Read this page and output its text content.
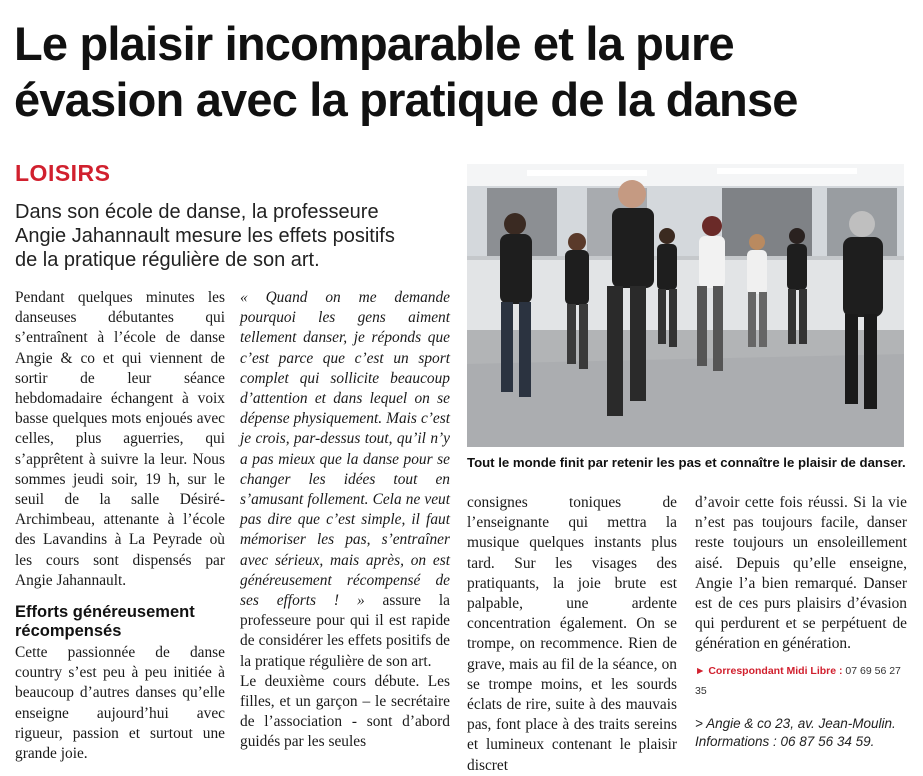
Le plaisir incomparable et la pure
évasion avec la pratique de la danse
LOISIRS
Dans son école de danse, la professeure
Angie Jahannault mesure les effets positifs
de la pratique régulière de son art.

Pendant quelques minutes les danseuses débutantes qui s’entraînent à l’école de danse Angie & co et qui viennent de sortir de leur séance hebdomadaire échangent à voix basse quelques mots enjoués avec celles, plus aguerries, qui s’apprêtent à suivre la leur. Nous sommes jeudi soir, 19 h, sur le seuil de la salle Désiré-Archimbeau, attenante à l’école des Lavandins à La Peyrade où les cours sont dispensés par Angie Jahannault.

Efforts généreusement récompensés

Cette passionnée de danse country s’est peu à peu initiée à beaucoup d’autres danses qu’elle enseigne aujourd’hui avec rigueur, passion et surtout une grande joie.

« Quand on me demande pourquoi les gens aiment tellement danser, je réponds que c’est parce que c’est un sport complet qui sollicite beaucoup d’attention et dans lequel on se dépense physiquement. Mais c’est je crois, par-dessus tout, qu’il n’y a pas mieux que la danse pour se changer les idées tout en s’amusant follement. Cela ne veut pas dire que c’est simple, il faut mémoriser les pas, s’entraîner avec sérieux, mais après, on est généreusement récompensé de ses efforts ! » assure la professeure pour qui il est rapide de considérer les effets positifs de la pratique régulière de son art.

Le deuxième cours débute. Les filles, et un garçon – le secrétaire de l’association - sont d’abord guidés par les seules

Tout le monde finit par retenir les pas et connaître le plaisir de danser.

consignes toniques de l’enseignante qui mettra la musique quelques instants plus tard. Sur les visages des pratiquants, la joie brute est palpable, une ardente concentration également. On se trompe, on recommence. Rien de grave, mais au fil de la séance, on se trompe moins, et les sourds éclats de rire, suite à des mauvais pas, font place à des traits sereins et lumineux contenant le plaisir discret

d’avoir cette fois réussi. Si la vie n’est pas toujours facile, danser reste toujours un ensoleillement aisé. Depuis qu’elle enseigne, Angie l’a bien remarqué. Danser est de ces purs plaisirs d’évasion qui perdurent et se perpétuent de génération en génération.

► Correspondant Midi Libre : 07 69 56 27 35
> Angie & co 23, av. Jean-Moulin.
Informations : 06 87 56 34 59.
